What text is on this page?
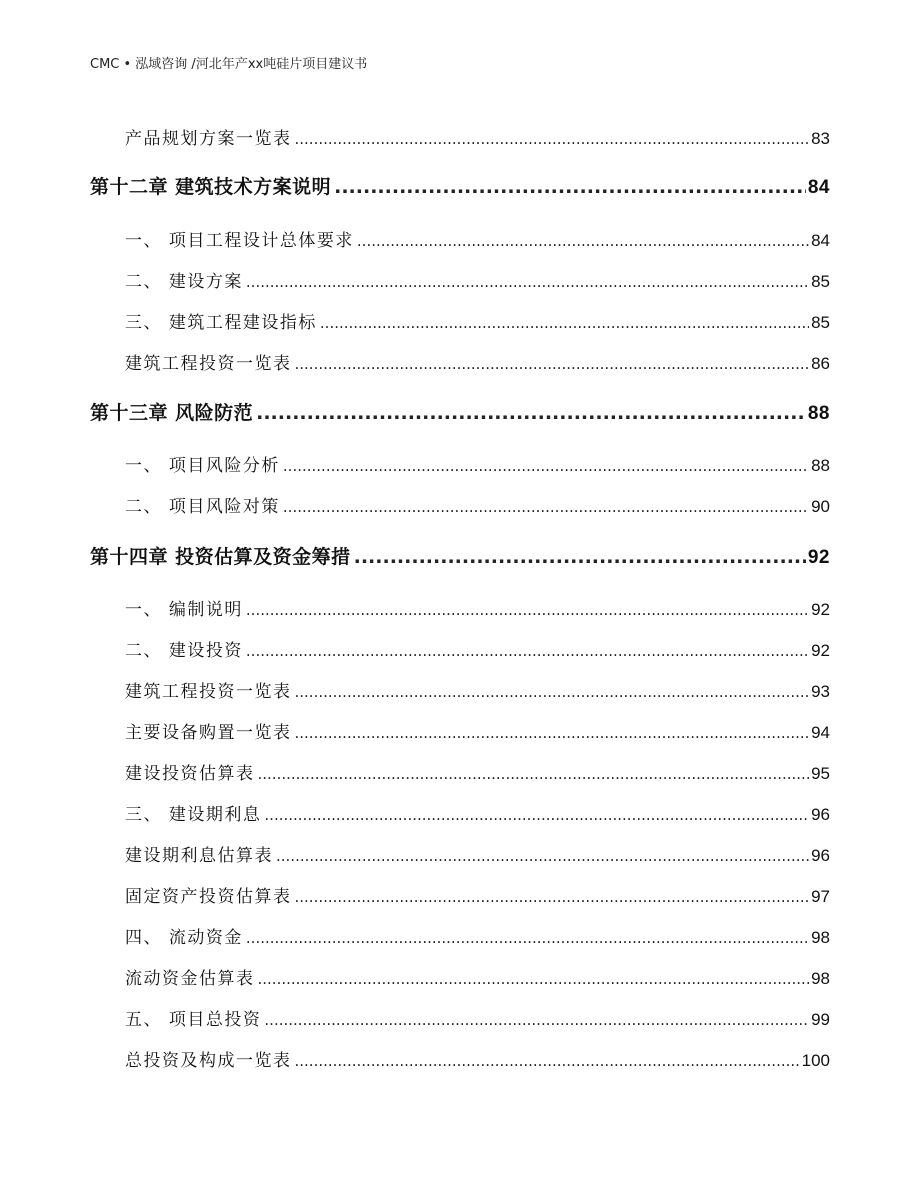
CMC • 泓域咨询 /河北年产xx吨硅片项目建议书
产品规划方案一览表 .....	83
第十二章 建筑技术方案说明 .....	84
一、 项目工程设计总体要求 .....	84
二、 建设方案 .....	85
三、 建筑工程建设指标 .....	85
建筑工程投资一览表 .....	86
第十三章 风险防范 .....	88
一、 项目风险分析 .....	88
二、 项目风险对策 .....	90
第十四章 投资估算及资金筹措 .....	92
一、 编制说明 .....	92
二、 建设投资 .....	92
建筑工程投资一览表 .....	93
主要设备购置一览表 .....	94
建设投资估算表 .....	95
三、 建设期利息 .....	96
建设期利息估算表 .....	96
固定资产投资估算表 .....	97
四、 流动资金 .....	98
流动资金估算表 .....	98
五、 项目总投资 .....	99
总投资及构成一览表 .....	100
